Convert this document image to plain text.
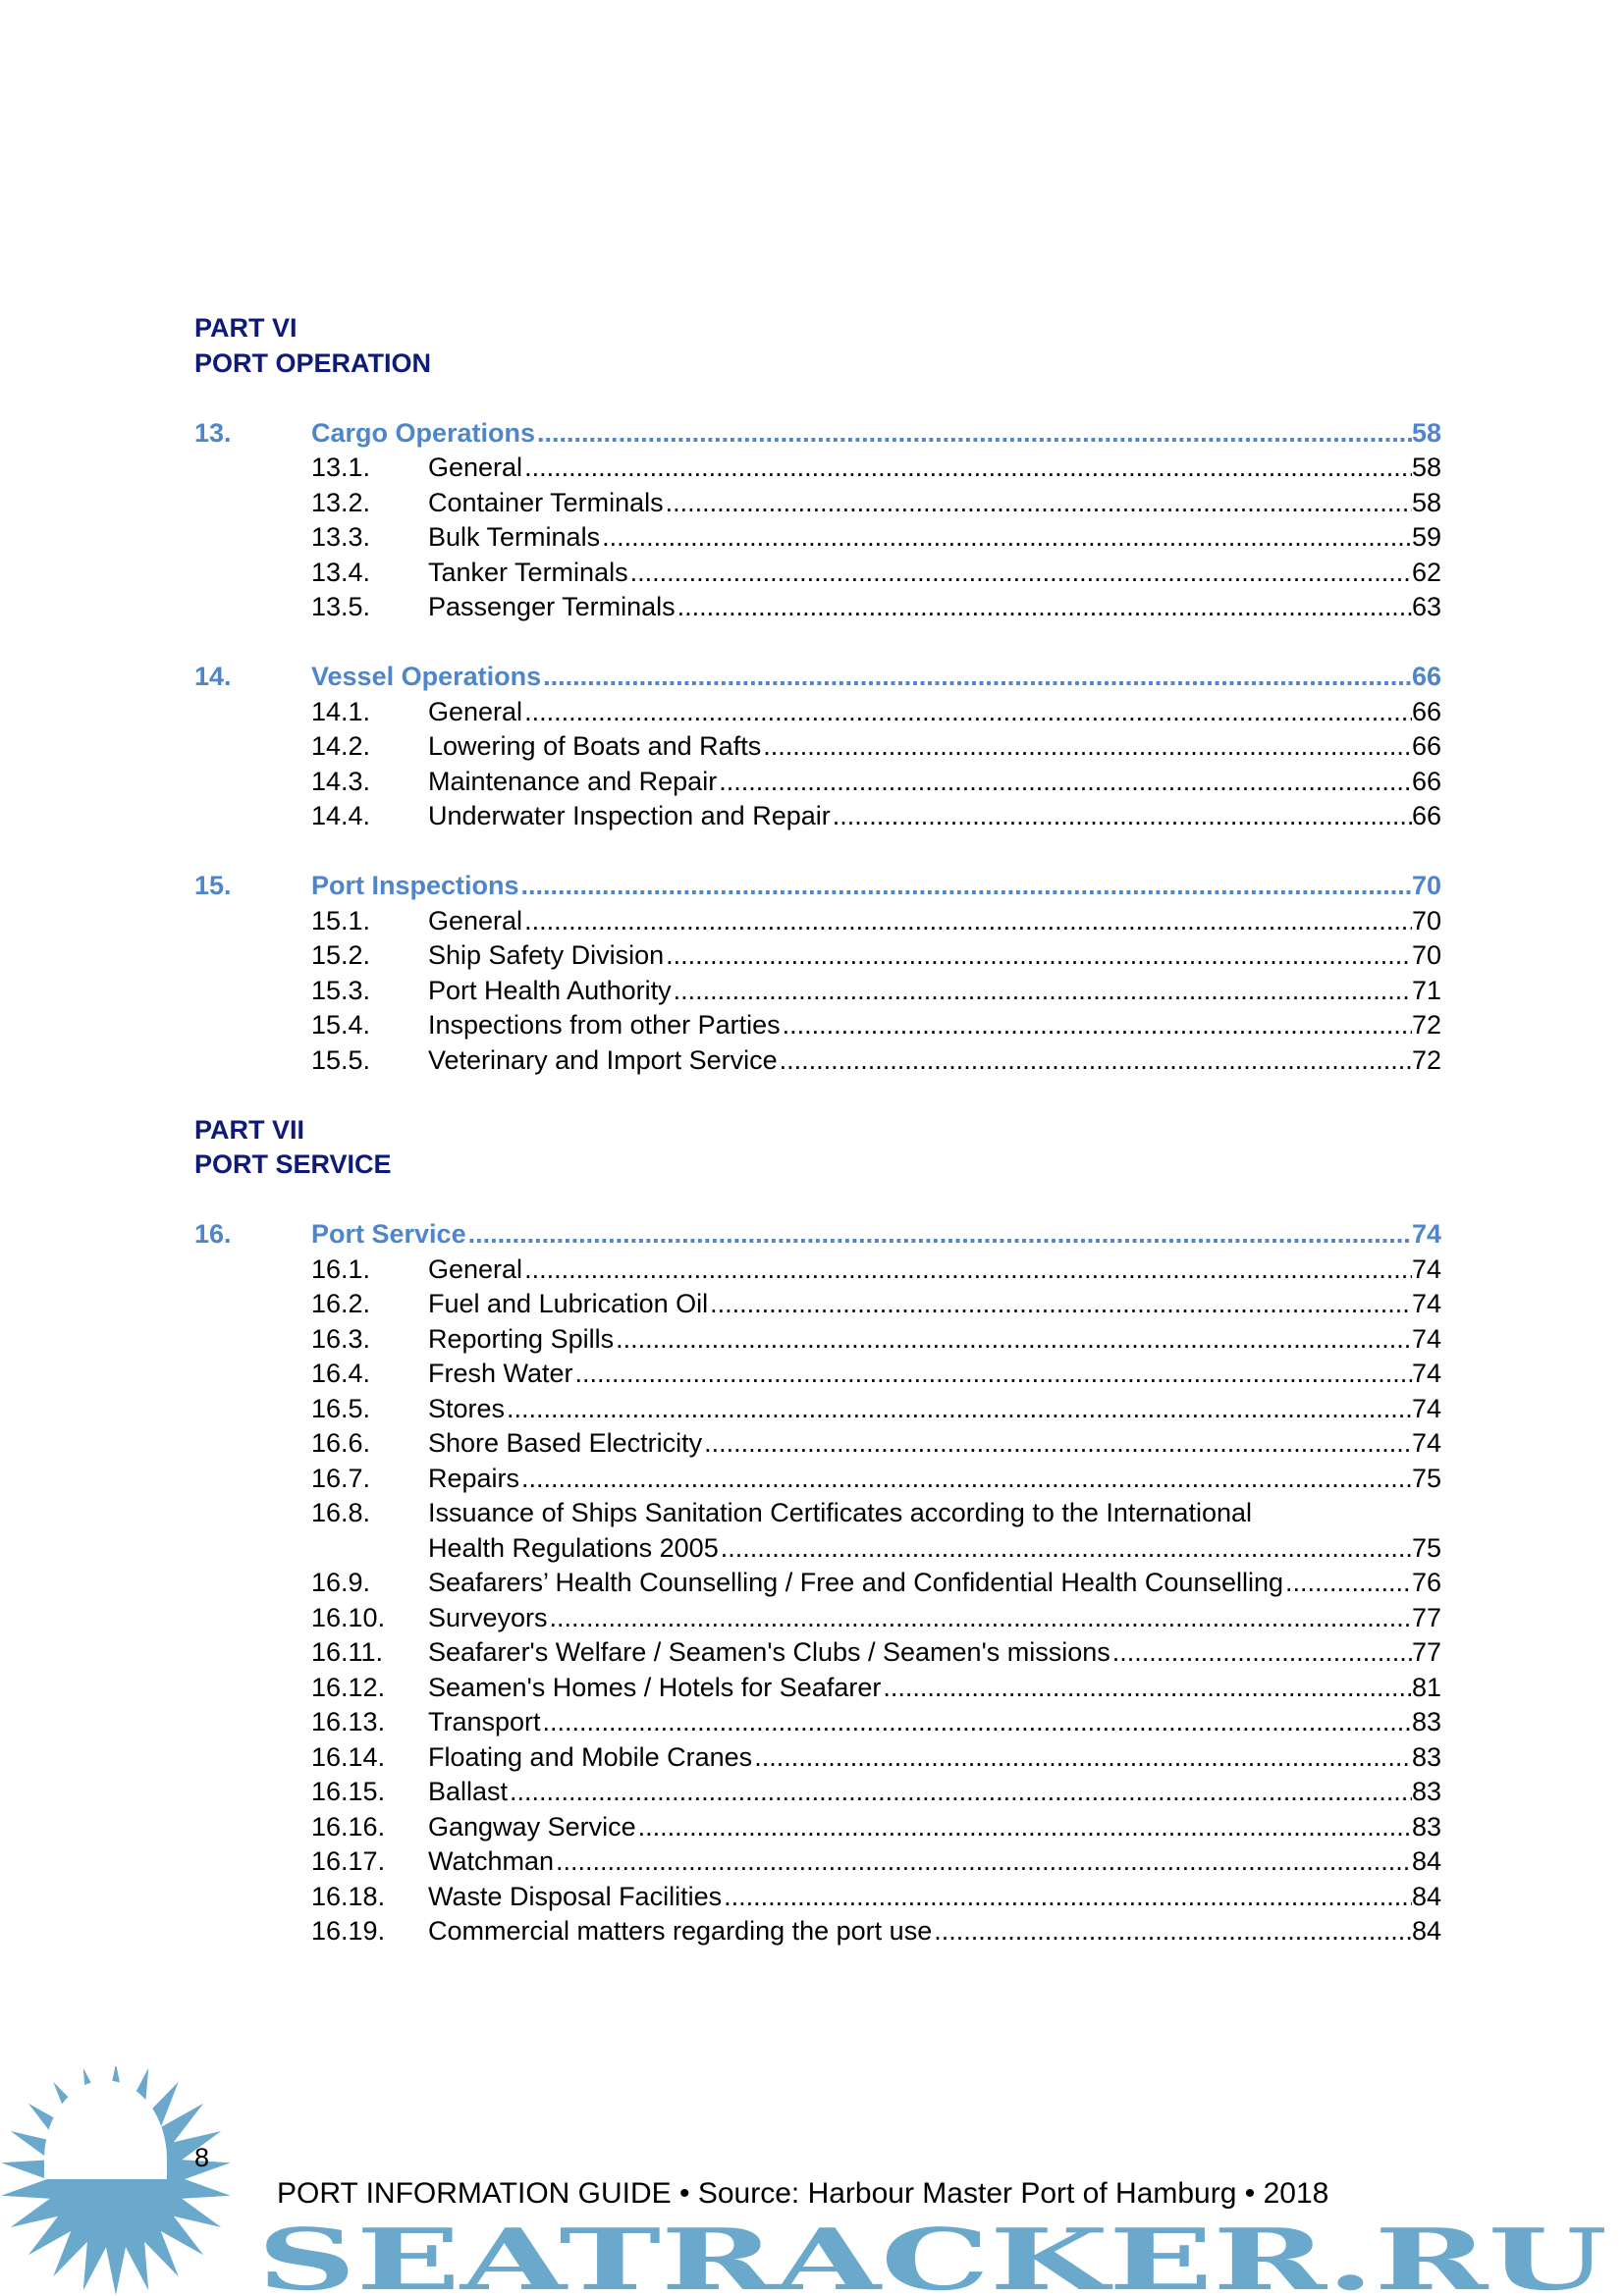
PART VI
PORT OPERATION
13.	Cargo Operations .....	58
13.1.	General .....	58
13.2.	Container Terminals .....	58
13.3.	Bulk Terminals .....	59
13.4.	Tanker Terminals .....	62
13.5.	Passenger Terminals .....	63
14.	Vessel Operations .....	66
14.1.	General .....	66
14.2.	Lowering of Boats and Rafts .....	66
14.3.	Maintenance and Repair .....	66
14.4.	Underwater Inspection and Repair .....	66
15.	Port Inspections .....	70
15.1.	General .....	70
15.2.	Ship Safety Division .....	70
15.3.	Port Health Authority .....	71
15.4.	Inspections from other Parties .....	72
15.5.	Veterinary and Import Service .....	72
PART VII
PORT SERVICE
16.	Port Service .....	74
16.1.	General .....	74
16.2.	Fuel and Lubrication Oil .....	74
16.3.	Reporting Spills .....	74
16.4.	Fresh Water .....	74
16.5.	Stores .....	74
16.6.	Shore Based Electricity .....	74
16.7.	Repairs .....	75
16.8.	Issuance of Ships Sanitation Certificates according to the International
Health Regulations 2005 .....	75
16.9.	Seafarers’ Health Counselling / Free and Confidential Health Counselling .....	76
16.10.	Surveyors .....	77
16.11.	Seafarer's Welfare / Seamen's Clubs / Seamen's missions .....	77
16.12.	Seamen's Homes / Hotels for Seafarer .....	81
16.13.	Transport .....	83
16.14.	Floating and Mobile Cranes .....	83
16.15.	Ballast .....	83
16.16.	Gangway Service .....	83
16.17.	Watchman .....	84
16.18.	Waste Disposal Facilities .....	84
16.19.	Commercial matters regarding the port use .....	84
SEATRACKER.RU
8
PORT INFORMATION GUIDE • Source: Harbour Master Port of Hamburg • 2018
